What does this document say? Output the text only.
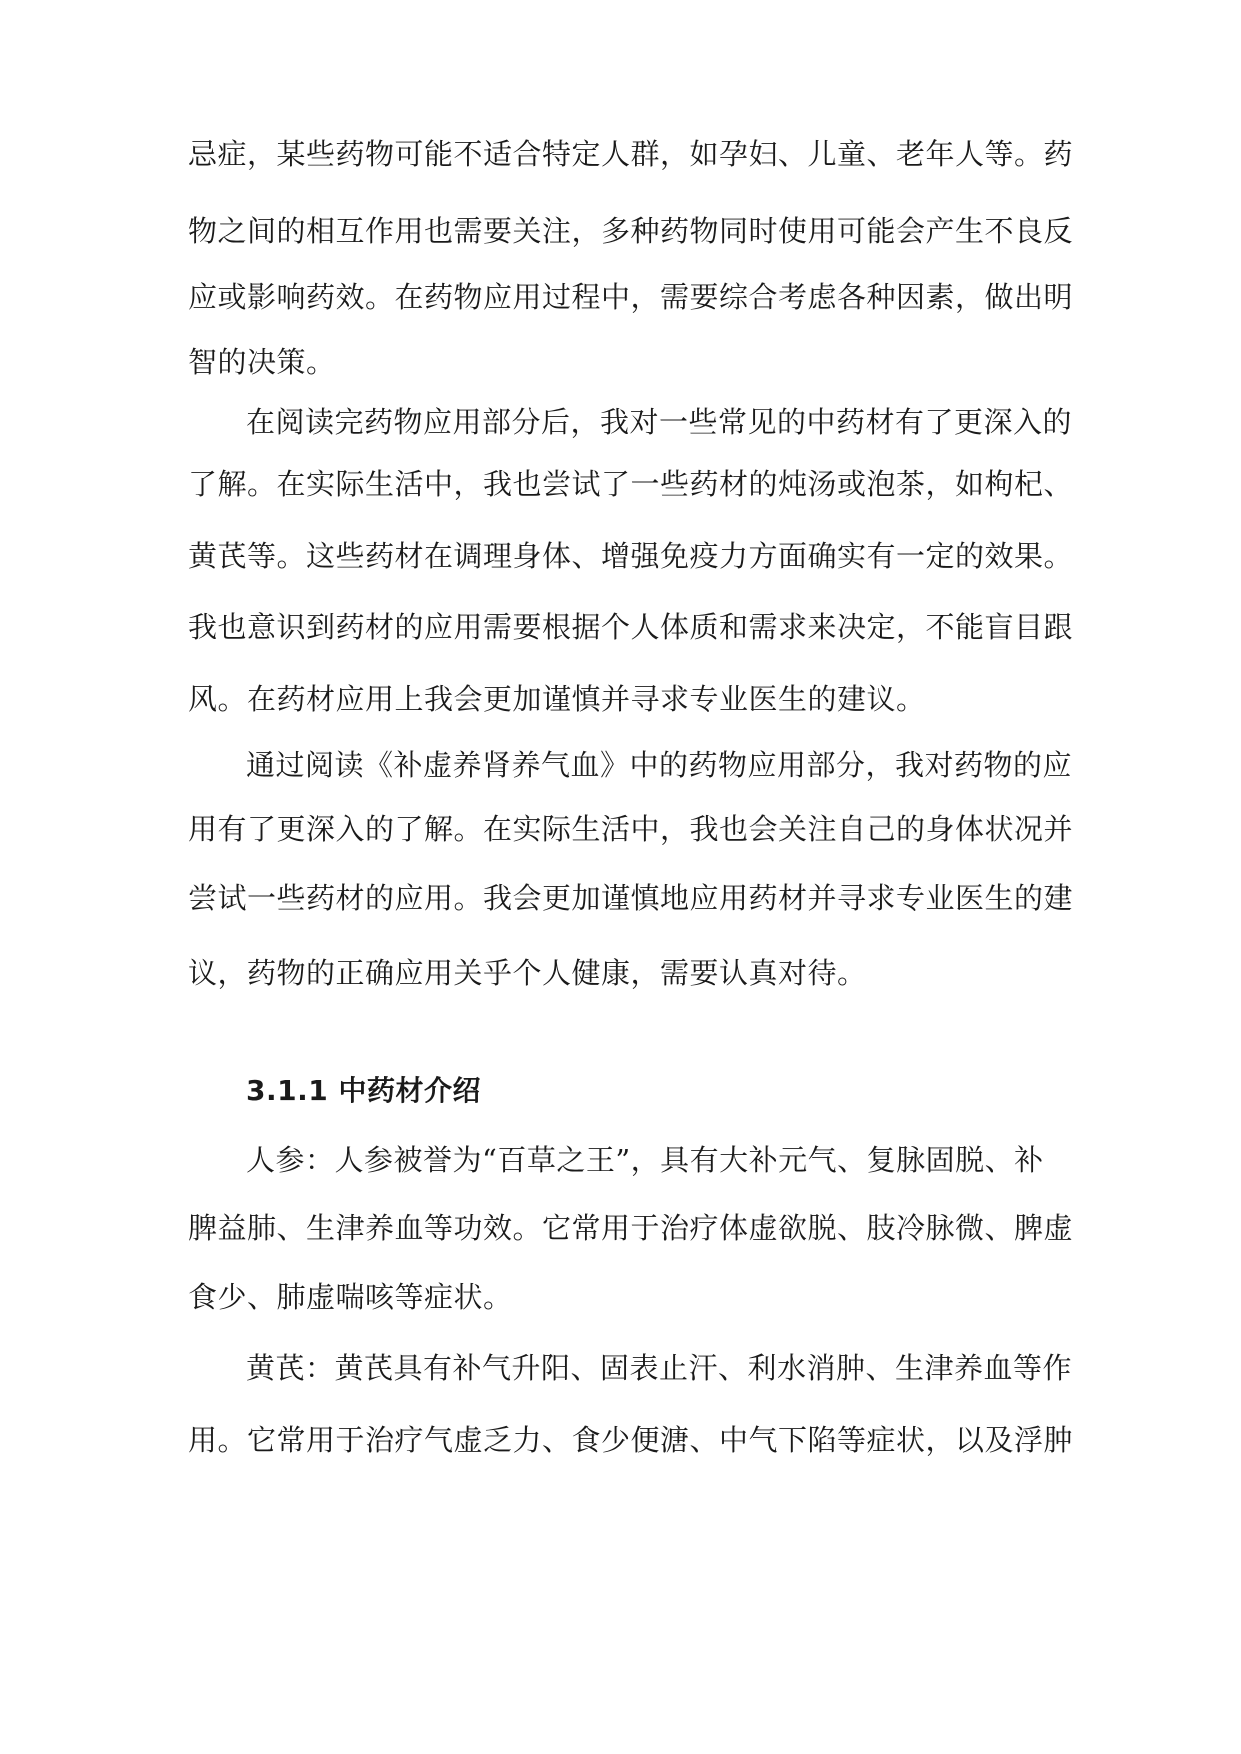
忌症，某些药物可能不适合特定人群，如孕妇、儿童、老年人等。药
物之间的相互作用也需要关注，多种药物同时使用可能会产生不良反
应或影响药效。在药物应用过程中，需要综合考虑各种因素，做出明
智的决策。
在阅读完药物应用部分后，我对一些常见的中药材有了更深入的
了解。在实际生活中，我也尝试了一些药材的炖汤或泡茶，如枸杞、
黄芪等。这些药材在调理身体、增强免疫力方面确实有一定的效果。
我也意识到药材的应用需要根据个人体质和需求来决定，不能盲目跟
风。在药材应用上我会更加谨慎并寻求专业医生的建议。
通过阅读《补虚养肾养气血》中的药物应用部分，我对药物的应
用有了更深入的了解。在实际生活中，我也会关注自己的身体状况并
尝试一些药材的应用。我会更加谨慎地应用药材并寻求专业医生的建
议，药物的正确应用关乎个人健康，需要认真对待。
3.1.1 中药材介绍
人参：人参被誉为“百草之王”，具有大补元气、复脉固脱、补
脾益肺、生津养血等功效。它常用于治疗体虚欲脱、肢冷脉微、脾虚
食少、肺虚喘咳等症状。
黄芪：黄芪具有补气升阳、固表止汗、利水消肿、生津养血等作
用。它常用于治疗气虚乏力、食少便溏、中气下陷等症状，以及浮肿
